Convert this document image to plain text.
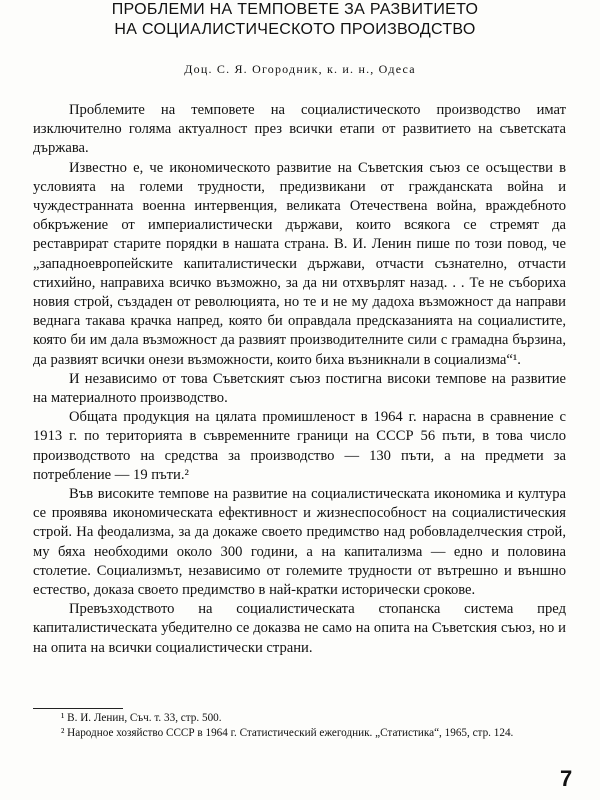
ПРОБЛЕМИ НА ТЕМПОВЕТЕ ЗА РАЗВИТИЕТО
НА СОЦИАЛИСТИЧЕСКОТО ПРОИЗВОДСТВО
Доц. С. Я. Огородник, к. и. н., Одеса

Проблемите на темповете на социалистическото производство имат изключително голяма актуалност през всички етапи от развитието на съветската държава.

Известно е, че икономическото развитие на Съветския съюз се осъществи в условията на големи трудности, предизвикани от гражданската война и чуждестранната военна интервенция, великата Отечествена война, враждебното обкръжение от империалистически държави, които всякога се стремят да реставрират старите порядки в нашата страна. В. И. Ленин пише по този повод, че „западноевропейските капиталистически държави, отчасти съзнателно, отчасти стихийно, направиха всичко възможно, за да ни отхвърлят назад. . . Те не събориха новия строй, създаден от революцията, но те и не му дадоха възможност да направи веднага такава крачка напред, която би оправдала предсказанията на социалистите, която би им дала възможност да развият производителните сили с грамадна бързина, да развият всички онези възможности, които биха възникнали в социализма“¹.

И независимо от това Съветският съюз постигна високи темпове на развитие на материалното производство.

Общата продукция на цялата промишленост в 1964 г. нарасна в сравнение с 1913 г. по територията в съвременните граници на СССР 56 пъти, в това число производството на средства за производство — 130 пъти, а на предмети за потребление — 19 пъти.²

Във високите темпове на развитие на социалистическата икономика и култура се проявява икономическата ефективност и жизнеспособност на социалистическия строй. На феодализма, за да докаже своето предимство над робовладелческия строй, му бяха необходими около 300 години, а на капитализма — едно и половина столетие. Социализмът, независимо от големите трудности от вътрешно и външно естество, доказа своето предимство в най-кратки исторически срокове.

Превъзходството на социалистическата стопанска система пред капиталистическата убедително се доказва не само на опита на Съветския съюз, но и на опита на всички социалистически страни.

¹ В. И. Ленин, Съч. т. 33, стр. 500.

² Народное хозяйство СССР в 1964 г. Статистический ежегодник. „Статистика“, 1965, стр. 124.

7
